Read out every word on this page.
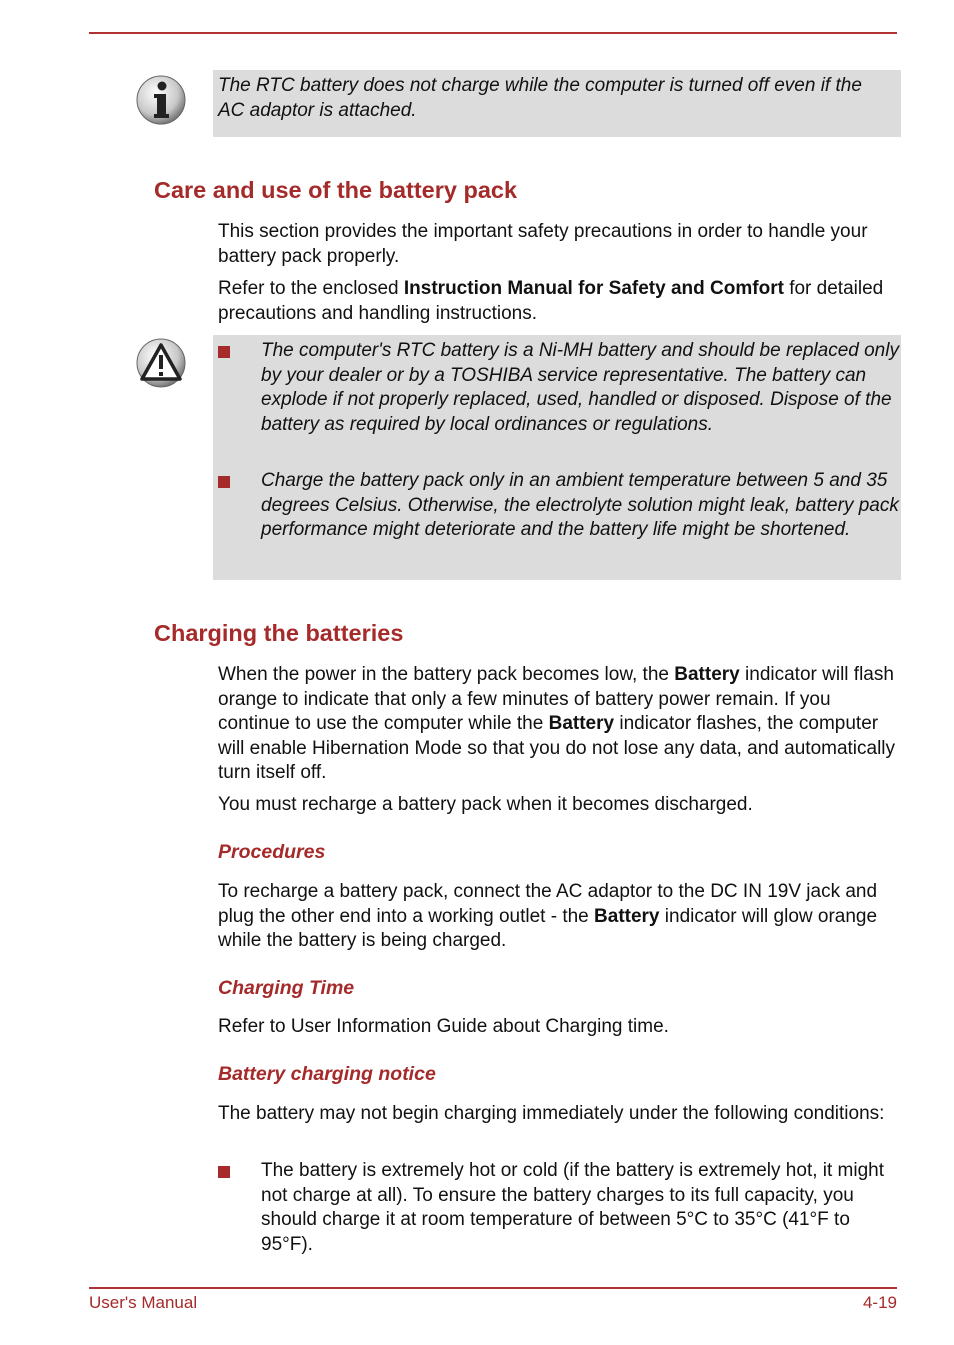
The RTC battery does not charge while the computer is turned off even if the AC adaptor is attached.
Care and use of the battery pack

This section provides the important safety precautions in order to handle your battery pack properly.

Refer to the enclosed Instruction Manual for Safety and Comfort for detailed precautions and handling instructions.

The computer's RTC battery is a Ni-MH battery and should be replaced only by your dealer or by a TOSHIBA service representative. The battery can explode if not properly replaced, used, handled or disposed. Dispose of the battery as required by local ordinances or regulations.
Charge the battery pack only in an ambient temperature between 5 and 35 degrees Celsius. Otherwise, the electrolyte solution might leak, battery pack performance might deteriorate and the battery life might be shortened.
Charging the batteries

When the power in the battery pack becomes low, the Battery indicator will flash orange to indicate that only a few minutes of battery power remain. If you continue to use the computer while the Battery indicator flashes, the computer will enable Hibernation Mode so that you do not lose any data, and automatically turn itself off.

You must recharge a battery pack when it becomes discharged.

Procedures

To recharge a battery pack, connect the AC adaptor to the DC IN 19V jack and plug the other end into a working outlet - the Battery indicator will glow orange while the battery is being charged.

Charging Time

Refer to User Information Guide about Charging time.

Battery charging notice

The battery may not begin charging immediately under the following conditions:

The battery is extremely hot or cold (if the battery is extremely hot, it might not charge at all). To ensure the battery charges to its full capacity, you should charge it at room temperature of between 5°C to 35°C (41°F to 95°F).
User's Manual	4-19
